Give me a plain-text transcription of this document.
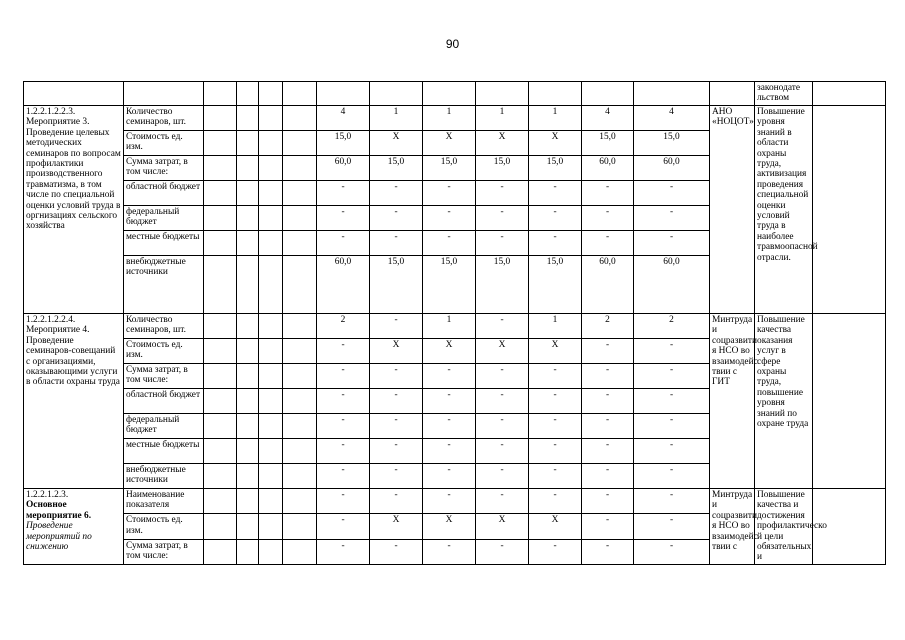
90
														законодате льством	

1.2.2.1.2.2.3. Мероприятие 3. Проведение целевых методических семинаров по вопросам профилактики производственного травматизма, в том числе по специальной оценки условий труда в оргнизациях сельского хозяйства	Количество семинаров, шт.					4	1	1	1	1	4	4	АНО «НОЦОТ»	Повышение уровня знаний в области охраны труда, активизация проведения специальной оценки условий труда в наиболее травмоопасной отрасли.	
	Стоимость ед. изм.					15,0	Х	Х	Х	Х	15,0	15,0			
	Сумма затрат, в том числе:					60,0	15,0	15,0	15,0	15,0	60,0	60,0			
	областной бюджет					-	-	-	-	-	-	-			
	федеральный бюджет					-	-	-	-	-	-	-			
	местные бюджеты					-	-	-	-	-	-	-			
	внебюджетные источники					60,0	15,0	15,0	15,0	15,0	60,0	60,0			
1.2.2.1.2.2.4. Мероприятие 4. Проведение семинаров-совещаний с организациями, оказывающими услуги в области охраны труда	Количество семинаров, шт.					2	-	1	-	1	2	2	Минтруда и соцразвити я НСО во взаимодейс твии с ГИТ	Повышение качества оказания услуг в сфере охраны труда, повышение уровня знаний по охране труда	
	Стоимость ед. изм.					-	Х	Х	Х	Х	-	-			
	Сумма затрат, в том числе:					-	-	-	-	-	-	-			
	областной бюджет					-	-	-	-	-	-	-			
	федеральный бюджет					-	-	-	-	-	-	-			
	местные бюджеты					-	-	-	-	-	-	-			
	внебюджетные источники					-	-	-	-	-	-	-			

1.2.2.1.2.3.
Основное мероприятие 6.
Проведение мероприятий по снижению	Наименование показателя					-	-	-	-	-	-	-	Минтруда и соцразвити я НСО во взаимодейс твии с	Повышение качества и достижения профилактическо й цели обязательных и	

	Стоимость ед. изм.					-	Х	Х	Х	Х	-	-			
	Сумма затрат, в том числе:					-	-	-	-	-	-	-			
